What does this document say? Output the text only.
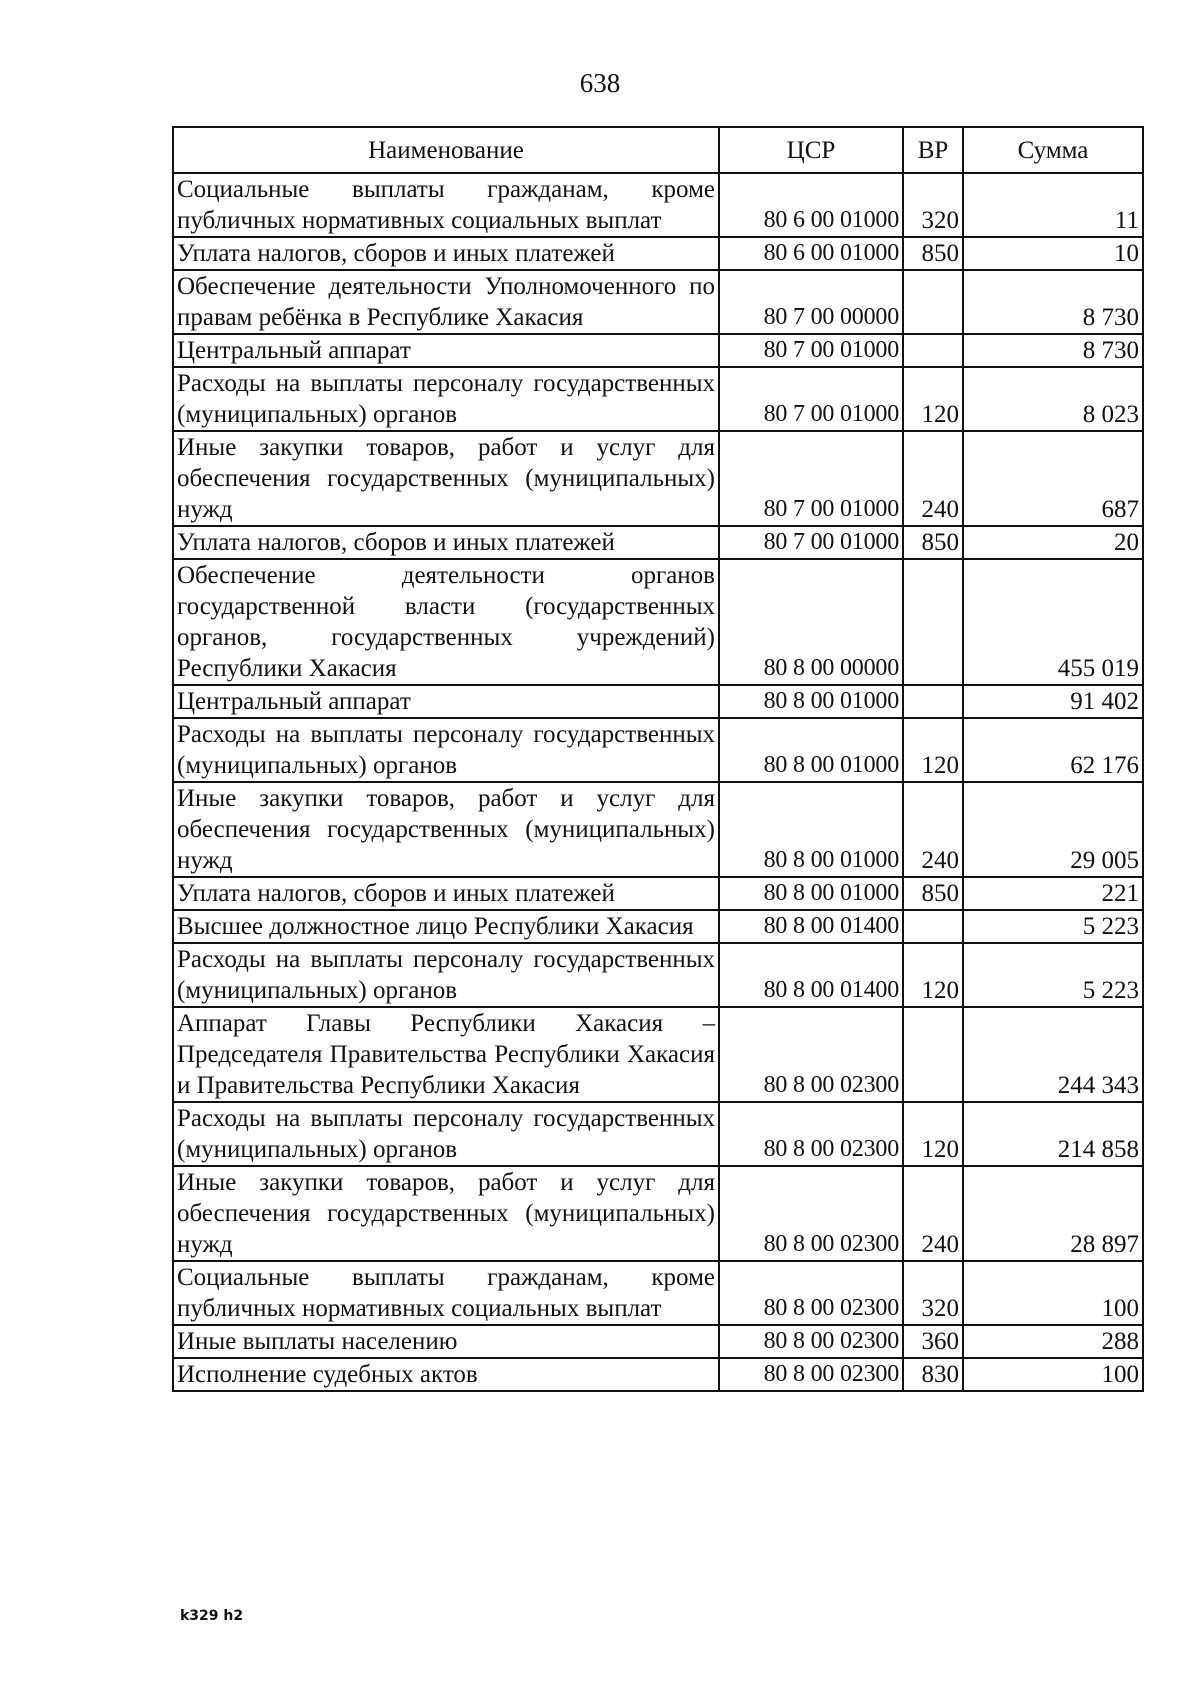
638
Наименование	ЦСР	ВР	Сумма
Социальные выплаты гражданам, кроме публичных нормативных социальных выплат	80 6 00 01000	320	11
Уплата налогов, сборов и иных платежей	80 6 00 01000	850	10
Обеспечение деятельности Уполномоченного по правам ребёнка в Республике Хакасия	80 7 00 00000		8 730
Центральный аппарат	80 7 00 01000		8 730
Расходы на выплаты персоналу государственных (муниципальных) органов	80 7 00 01000	120	8 023
Иные закупки товаров, работ и услуг для обеспечения государственных (муниципальных) нужд	80 7 00 01000	240	687
Уплата налогов, сборов и иных платежей	80 7 00 01000	850	20
Обеспечение деятельности органов государственной власти (государственных органов, государственных учреждений) Республики Хакасия	80 8 00 00000		455 019
Центральный аппарат	80 8 00 01000		91 402
Расходы на выплаты персоналу государственных (муниципальных) органов	80 8 00 01000	120	62 176
Иные закупки товаров, работ и услуг для обеспечения государственных (муниципальных) нужд	80 8 00 01000	240	29 005
Уплата налогов, сборов и иных платежей	80 8 00 01000	850	221
Высшее должностное лицо Республики Хакасия	80 8 00 01400		5 223
Расходы на выплаты персоналу государственных (муниципальных) органов	80 8 00 01400	120	5 223
Аппарат Главы Республики Хакасия – Председателя Правительства Республики Хакасия и Правительства Республики Хакасия	80 8 00 02300		244 343
Расходы на выплаты персоналу государственных (муниципальных) органов	80 8 00 02300	120	214 858
Иные закупки товаров, работ и услуг для обеспечения государственных (муниципальных) нужд	80 8 00 02300	240	28 897
Социальные выплаты гражданам, кроме публичных нормативных социальных выплат	80 8 00 02300	320	100
Иные выплаты населению	80 8 00 02300	360	288
Исполнение судебных актов	80 8 00 02300	830	100
k329 h2
